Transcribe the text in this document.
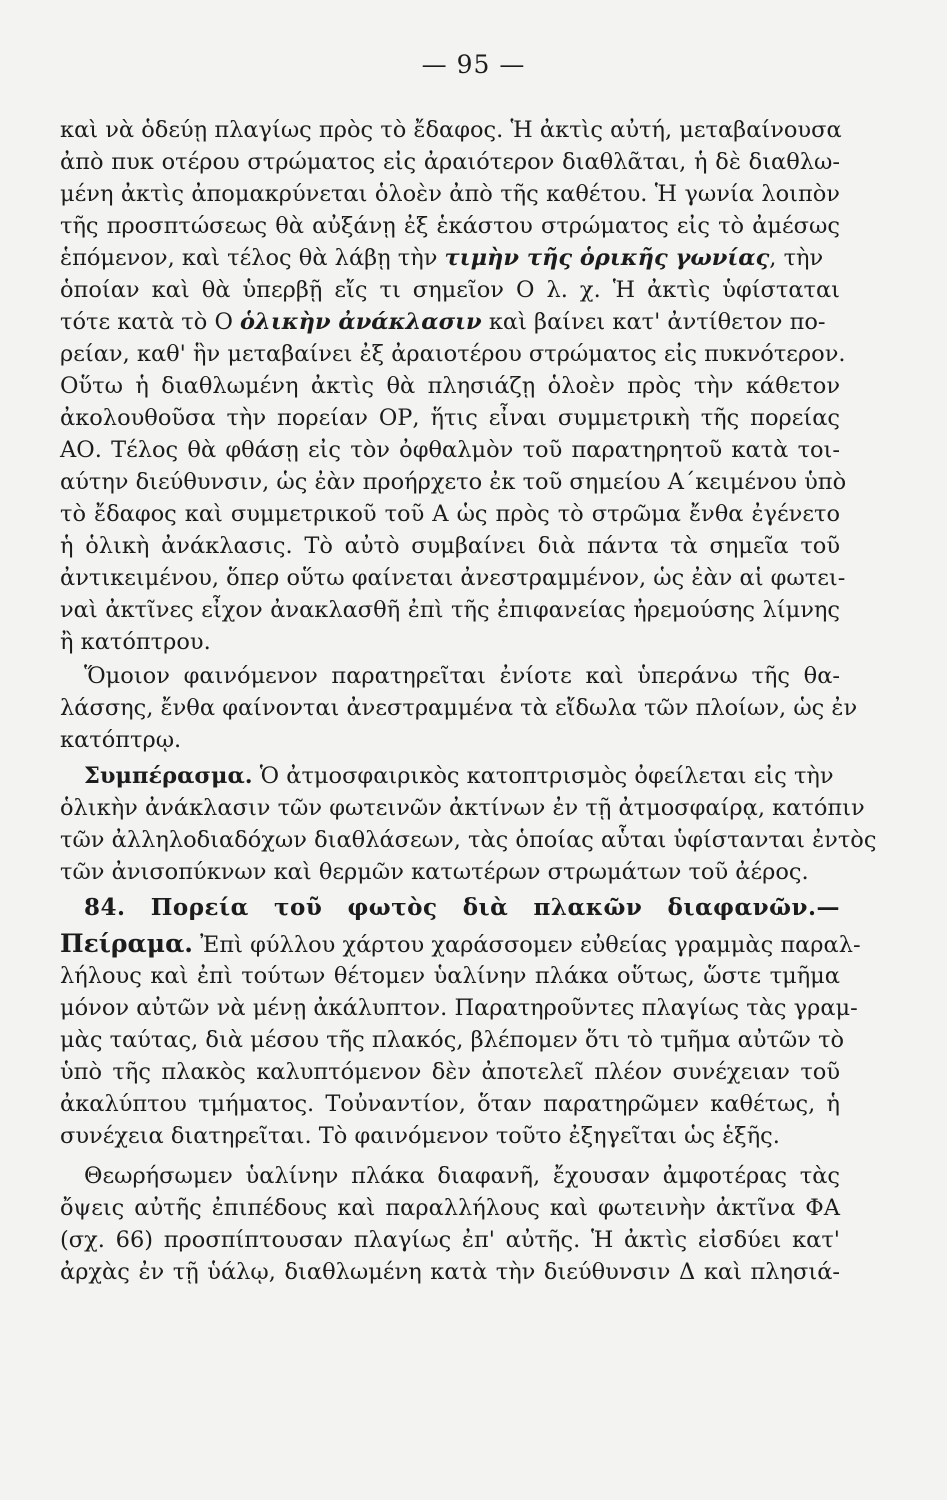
— 95 —
καὶ νὰ ὁδεύῃ πλαγίως πρὸς τὸ ἔδαφος. Ἡ ἀκτὶς αὐτή, μεταβαίνουσα
ἀπὸ πυκ οτέρου στρώματος εἰς ἀραιότερον διαθλᾶται, ἡ δὲ διαθλω-
μένη ἀκτὶς ἀπομακρύνεται ὁλοὲν ἀπὸ τῆς καθέτου. Ἡ γωνία λοιπὸν
τῆς προσπτώσεως θὰ αὐξάνῃ ἐξ ἑκάστου στρώματος εἰς τὸ ἀμέσως
ἑπόμενον, καὶ τέλος θὰ λάβῃ τὴν τιμὴν τῆς ὁρικῆς γωνίας, τὴν
ὁποίαν καὶ θὰ ὑπερβῇ εἴς τι σημεῖον Ο λ. χ. Ἡ ἀκτὶς ὑφίσταται
τότε κατὰ τὸ Ο ὁλικὴν ἀνάκλασιν καὶ βαίνει κατ' ἀντίθετον πο-
ρείαν, καθ' ἣν μεταβαίνει ἐξ ἀραιοτέρου στρώματος εἰς πυκνότερον.
Οὕτω ἡ διαθλωμένη ἀκτὶς θὰ πλησιάζῃ ὁλοὲν πρὸς τὴν κάθετον
ἀκολουθοῦσα τὴν πορείαν ΟΡ, ἥτις εἶναι συμμετρικὴ τῆς πορείας
ΑΟ. Τέλος θὰ φθάσῃ εἰς τὸν ὀφθαλμὸν τοῦ παρατηρητοῦ κατὰ τοι-
αύτην διεύθυνσιν, ὡς ἐὰν προήρχετο ἐκ τοῦ σημείου Α΄κειμένου ὑπὸ
τὸ ἔδαφος καὶ συμμετρικοῦ τοῦ Α ὡς πρὸς τὸ στρῶμα ἔνθα ἐγένετο
ἡ ὁλικὴ ἀνάκλασις. Τὸ αὐτὸ συμβαίνει διὰ πάντα τὰ σημεῖα τοῦ
ἀντικειμένου, ὅπερ οὕτω φαίνεται ἀνεστραμμένον, ὡς ἐὰν αἱ φωτει-
ναὶ ἀκτῖνες εἶχον ἀνακλασθῆ ἐπὶ τῆς ἐπιφανείας ἠρεμούσης λίμνης
ἢ κατόπτρου.
Ὅμοιον φαινόμενον παρατηρεῖται ἐνίοτε καὶ ὑπεράνω τῆς θα-
λάσσης, ἔνθα φαίνονται ἀνεστραμμένα τὰ εἴδωλα τῶν πλοίων, ὡς ἐν
κατόπτρῳ.
Συμπέρασμα. Ὁ ἀτμοσφαιρικὸς κατοπτρισμὸς ὀφείλεται εἰς τὴν
ὁλικὴν ἀνάκλασιν τῶν φωτεινῶν ἀκτίνων ἐν τῇ ἀτμοσφαίρᾳ, κατόπιν
τῶν ἀλληλοδιαδόχων διαθλάσεων, τὰς ὁποίας αὗται ὑφίστανται ἐντὸς
τῶν ἀνισοπύκνων καὶ θερμῶν κατωτέρων στρωμάτων τοῦ ἀέρος.
84. Πορεία τοῦ φωτὸς διὰ πλακῶν διαφανῶν.—
Πείραμα. Ἐπὶ φύλλου χάρτου χαράσσομεν εὐθείας γραμμὰς παραλ-
λήλους καὶ ἐπὶ τούτων θέτομεν ὑαλίνην πλάκα οὕτως, ὥστε τμῆμα
μόνον αὐτῶν νὰ μένῃ ἀκάλυπτον. Παρατηροῦντες πλαγίως τὰς γραμ-
μὰς ταύτας, διὰ μέσου τῆς πλακός, βλέπομεν ὅτι τὸ τμῆμα αὐτῶν τὸ
ὑπὸ τῆς πλακὸς καλυπτόμενον δὲν ἀποτελεῖ πλέον συνέχειαν τοῦ
ἀκαλύπτου τμήματος. Τοὐναντίον, ὅταν παρατηρῶμεν καθέτως, ἡ
συνέχεια διατηρεῖται. Τὸ φαινόμενον τοῦτο ἐξηγεῖται ὡς ἑξῆς.
Θεωρήσωμεν ὑαλίνην πλάκα διαφανῆ, ἔχουσαν ἀμφοτέρας τὰς
ὄψεις αὐτῆς ἐπιπέδους καὶ παραλλήλους καὶ φωτεινὴν ἀκτῖνα ΦΑ
(σχ. 66) προσπίπτουσαν πλαγίως ἐπ' αὐτῆς. Ἡ ἀκτὶς εἰσδύει κατ'
ἀρχὰς ἐν τῇ ὑάλῳ, διαθλωμένη κατὰ τὴν διεύθυνσιν Δ καὶ πλησιά-
